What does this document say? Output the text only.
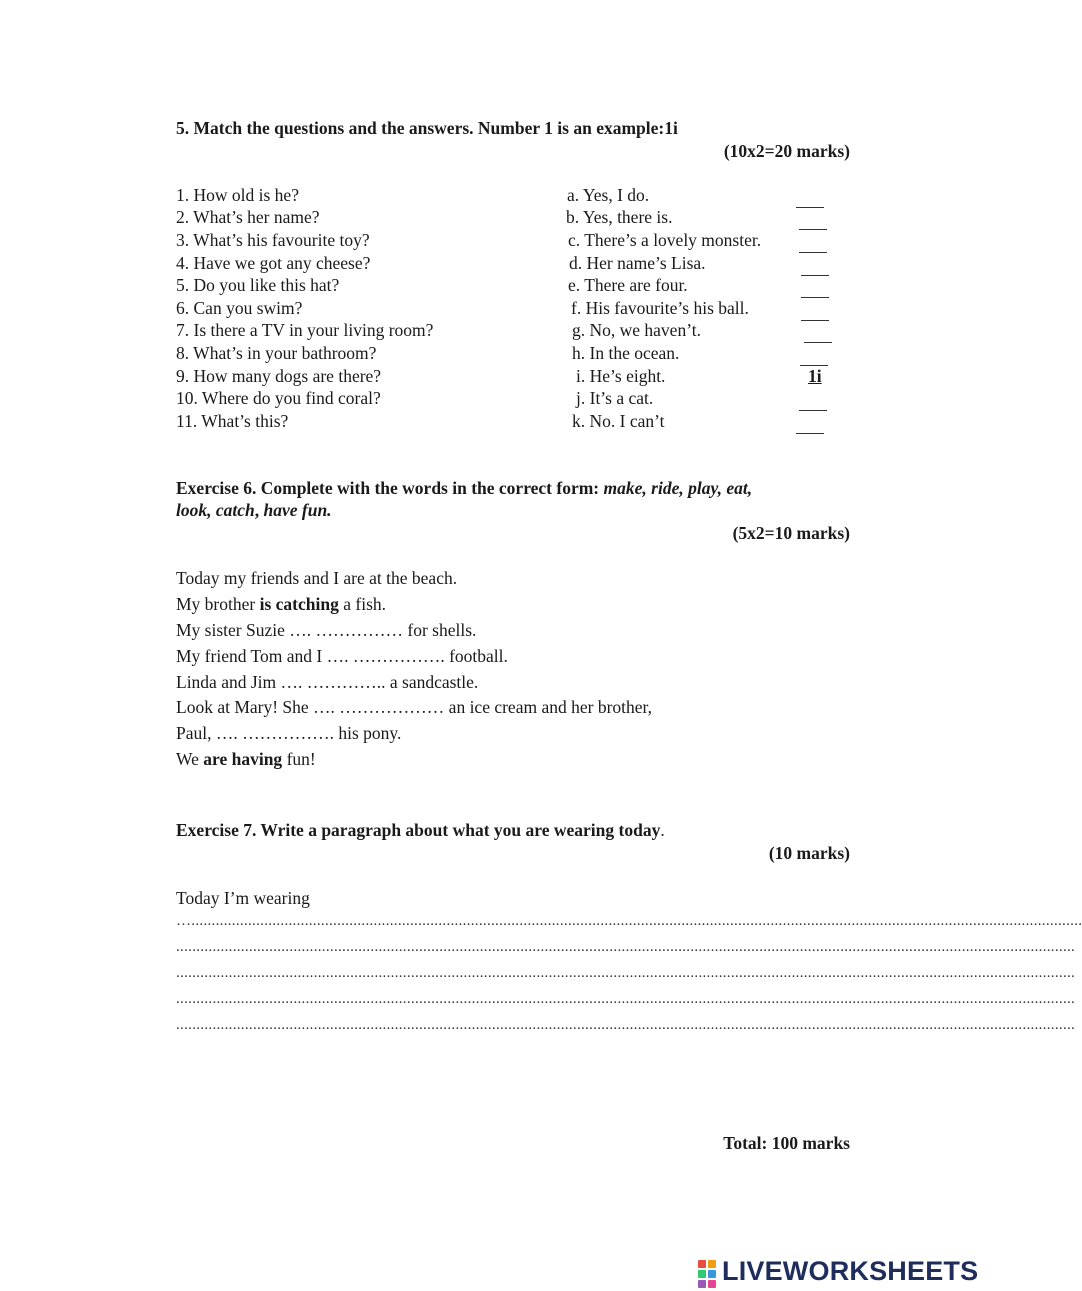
5. Match the questions and the answers. Number 1 is an example:1i
(10x2=20 marks)
1. How old is he?
2. What’s her name?
3. What’s his favourite toy?
4. Have we got any cheese?
5. Do you like this hat?
6. Can you swim?
7. Is there a TV in your living room?
8. What’s in your bathroom?
9. How many dogs are there?
10. Where do you find coral?
11. What’s this?
a. Yes, I do.
b. Yes, there is.
c. There’s a lovely monster.
d. Her name’s Lisa.
e. There are four.
f. His favourite’s his ball.
g. No, we haven’t.
h. In the ocean.
i. He’s eight.
j. It’s a cat.
k. No. I can’t
1i
Exercise 6. Complete with the words in the correct form: make, ride, play, eat,
look, catch, have fun.
(5x2=10 marks)
Today my friends and I are at the beach.
My brother is catching a fish.
My sister Suzie …. …………… for shells.
My friend Tom and I …. ……………. football.
Linda and Jim …. ………….. a sandcastle.
Look at Mary! She …. ……………… an ice cream and her brother,
Paul, …. ……………. his pony.
We are having fun!
Exercise 7. Write a paragraph about what you are wearing today.
(10 marks)
Today I’m wearing
…............................................................................................................................................................................................................................
..............................................................................................................................................................................................................................
..............................................................................................................................................................................................................................
..............................................................................................................................................................................................................................
..............................................................................................................................................................................................................................
Total: 100 marks
LIVEWORKSHEETS
